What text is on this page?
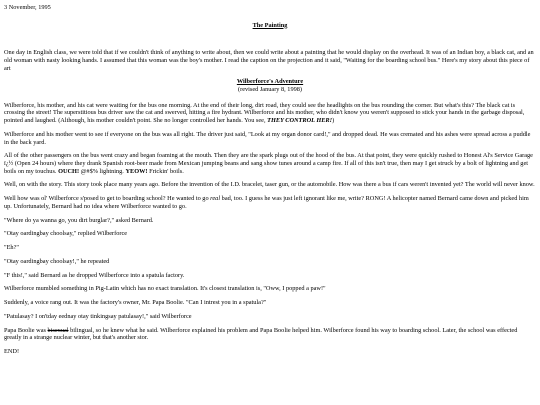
3 November, 1995

The Painting

One day in English class, we were told that if we couldn't think of anything to write about, then we could write about a painting that he would display on the overhead. It was of an Indian boy, a black cat, and an old woman with nasty looking hands. I assumed that this woman was the boy's mother. I read the caption on the projection and it said, "Waiting for the boarding school bus." Here's my story about this piece of art

Wilberforce's Adventure
(revised January 8, 1998)

Wilberforce, his mother, and his cat were waiting for the bus one morning. At the end of their long, dirt road, they could see the headlights on the bus rounding the corner. But what's this? The black cat is crossing the street! The superstitious bus driver saw the cat and swerved, hitting a fire hydrant. Wilberforce and his mother, who didn't know you weren't supposed to stick your hands in the garbage disposal, pointed and laughed. (Although, his mother couldn't point. She no longer controlled her hands. You see, THEY CONTROL HER!)

Wilberforce and his mother went to see if everyone on the bus was all right. The driver just said, "Look at my organ donor card!," and dropped dead. He was cremated and his ashes were spread across a puddle in the back yard.

All of the other passengers on the bus went crazy and began foaming at the mouth. Then they are the spark plugs out of the hood of the bus. At that point, they were quickly rushed to Honest Al's Service Garage ï¿½ (Open 24 hours) where they drank Spanish root-beer made from Mexican jumping beans and sang show tunes around a camp fire. If all of this isn't true, then may I get struck by a bolt of lightning and get boils on my touchus. OUCH! @#$% lightning. YEOW! Frickin' boils.

Well, on with the story. This story took place many years ago. Before the invention of the I.D. bracelet, taser gun, or the automobile. How was there a bus if cars weren't invented yet? The world will never know.

Well how was ol' Wilberforce s'posed to get to boarding school? He wanted to go real bad, too. I guess he was just left ignorant like me, write? RONG! A helicopter named Bernard came down and picked him up. Unfortunately, Bernard had no idea where Wilberforce wanted to go.

"Where do ya wanna go, you dirt burglar?," asked Bernard.

"Otay oardingbay choolsay," replied Wilberforce

"Eh?"

"Otay oardingbay choolsay!," he repeated

"F this!," said Bernard as he dropped Wilberforce into a spatula factory.

Wilberforce mumbled something in Pig-Latin which has no exact translation. It's closest translation is, "Oww, I popped a paw!"

Suddenly, a voice rang out. It was the factory's owner, Mr. Papa Boolie. "Can I intrest you in a spatula?"

"Patulasay? I on'tday eednay otay tinkingsay patulasay!," said Wilberforce

Papa Boolie was bisexual bilingual, so he knew what he said. Wilberforce explained his problem and Papa Boolie helped him. Wilberforce found his way to boarding school. Later, the school was effected greatly in a strange nuclear winter, but that's another stor.

END!
